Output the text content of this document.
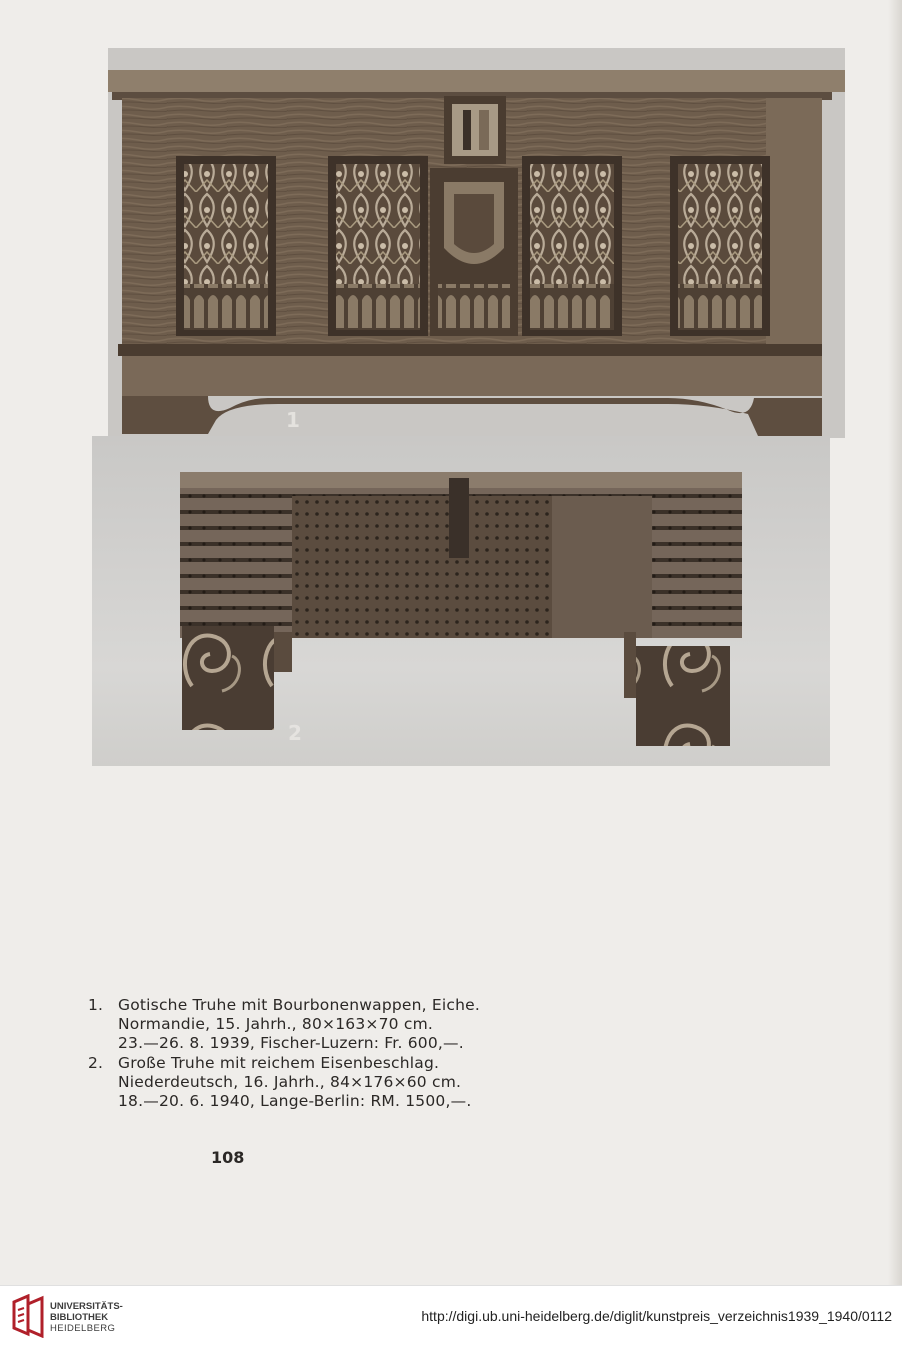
1
2
1. Gotische Truhe mit Bourbonenwappen, Eiche.
Normandie, 15. Jahrh., 80×163×70 cm.
23.—26. 8. 1939, Fischer-Luzern: Fr. 600,—.
2. Große Truhe mit reichem Eisenbeschlag.
Niederdeutsch, 16. Jahrh., 84×176×60 cm.
18.—20. 6. 1940, Lange-Berlin: RM. 1500,—.
108
UNIVERSITÄTS-
BIBLIOTHEK
HEIDELBERG
http://digi.ub.uni-heidelberg.de/diglit/kunstpreis_verzeichnis1939_1940/0112
